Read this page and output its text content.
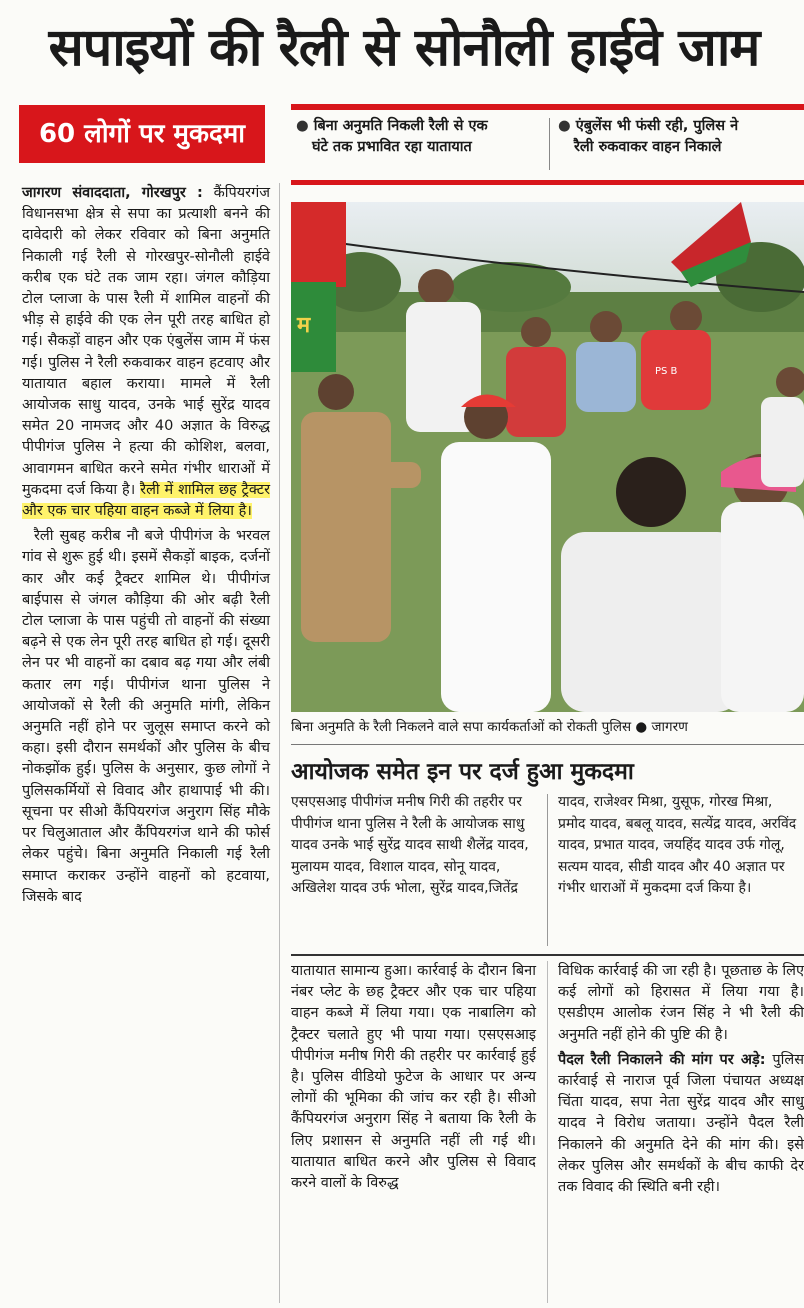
सपाइयों की रैली से सोनौली हाईवे जाम
60 लोगों पर मुकदमा	● बिना अनुमति निकली रैली से एक
घंटे तक प्रभावित रहा यातायात
● एंबुलेंस भी फंसी रही, पुलिस ने
रैली रुकवाकर वाहन निकाले

जागरण संवाददाता, गोरखपुर : कैंपियरगंज विधानसभा क्षेत्र से सपा का प्रत्याशी बनने की दावेदारी को लेकर रविवार को बिना अनुमति निकाली गई रैली से गोरखपुर-सोनौली हाईवे करीब एक घंटे तक जाम रहा। जंगल कौड़िया टोल प्लाजा के पास रैली में शामिल वाहनों की भीड़ से हाईवे की एक लेन पूरी तरह बाधित हो गई। सैकड़ों वाहन और एक एंबुलेंस जाम में फंस गई। पुलिस ने रैली रुकवाकर वाहन हटवाए और यातायात बहाल कराया। मामले में रैली आयोजक साधु यादव, उनके भाई सुरेंद्र यादव समेत 20 नामजद और 40 अज्ञात के विरुद्ध पीपीगंज पुलिस ने हत्या की कोशिश, बलवा, आवागमन बाधित करने समेत गंभीर धाराओं में मुकदमा दर्ज किया है। रैली में शामिल छह ट्रैक्टर और एक चार पहिया वाहन कब्जे में लिया है।

रैली सुबह करीब नौ बजे पीपीगंज के भरवल गांव से शुरू हुई थी। इसमें सैकड़ों बाइक, दर्जनों कार और कई ट्रैक्टर शामिल थे। पीपीगंज बाईपास से जंगल कौड़िया की ओर बढ़ी रैली टोल प्लाजा के पास पहुंची तो वाहनों की संख्या बढ़ने से एक लेन पूरी तरह बाधित हो गई। दूसरी लेन पर भी वाहनों का दबाव बढ़ गया और लंबी कतार लग गई। पीपीगंज थाना पुलिस ने आयोजकों से रैली की अनुमति मांगी, लेकिन अनुमति नहीं होने पर जुलूस समाप्त करने को कहा। इसी दौरान समर्थकों और पुलिस के बीच नोकझोंक हुई। पुलिस के अनुसार, कुछ लोगों ने पुलिसकर्मियों से विवाद और हाथापाई भी की। सूचना पर सीओ कैंपियरगंज अनुराग सिंह मौके पर चिलुआताल और कैंपियरगंज थाने की फोर्स लेकर पहुंचे। बिना अनुमति निकाली गई रैली समाप्त कराकर उन्होंने वाहनों को हटवाया, जिसके बाद

म
PS B
बिना अनुमति के रैली निकलने वाले सपा कार्यकर्ताओं को रोकती पुलिस ● जागरण
आयोजक समेत इन पर दर्ज हुआ मुकदमा
एसएसआइ पीपीगंज मनीष गिरी की तहरीर पर पीपीगंज थाना पुलिस ने रैली के आयोजक साधु यादव उनके भाई सुरेंद्र यादव साथी शैलेंद्र यादव, मुलायम यादव, विशाल यादव, सोनू यादव, अखिलेश यादव उर्फ भोला, सुरेंद्र यादव,जितेंद्र
यादव, राजेश्वर मिश्रा, युसूफ, गोरख मिश्रा, प्रमोद यादव, बबलू यादव, सत्येंद्र यादव, अरविंद यादव, प्रभात यादव, जयहिंद यादव उर्फ गोलू, सत्यम यादव, सीडी यादव और 40 अज्ञात पर गंभीर धाराओं में मुकदमा दर्ज किया है।
यातायात सामान्य हुआ। कार्रवाई के दौरान बिना नंबर प्लेट के छह ट्रैक्टर और एक चार पहिया वाहन कब्जे में लिया गया। एक नाबालिग को ट्रैक्टर चलाते हुए भी पाया गया। एसएसआइ पीपीगंज मनीष गिरी की तहरीर पर कार्रवाई हुई है। पुलिस वीडियो फुटेज के आधार पर अन्य लोगों की भूमिका की जांच कर रही है। सीओ कैंपियरगंज अनुराग सिंह ने बताया कि रैली के लिए प्रशासन से अनुमति नहीं ली गई थी। यातायात बाधित करने और पुलिस से विवाद करने वालों के विरुद्ध

विधिक कार्रवाई की जा रही है। पूछताछ के लिए कई लोगों को हिरासत में लिया गया है। एसडीएम आलोक रंजन सिंह ने भी रैली की अनुमति नहीं होने की पुष्टि की है।

पैदल रैली निकालने की मांग पर अड़े: पुलिस कार्रवाई से नाराज पूर्व जिला पंचायत अध्यक्ष चिंता यादव, सपा नेता सुरेंद्र यादव और साधु यादव ने विरोध जताया। उन्होंने पैदल रैली निकालने की अनुमति देने की मांग की। इसे लेकर पुलिस और समर्थकों के बीच काफी देर तक विवाद की स्थिति बनी रही।
